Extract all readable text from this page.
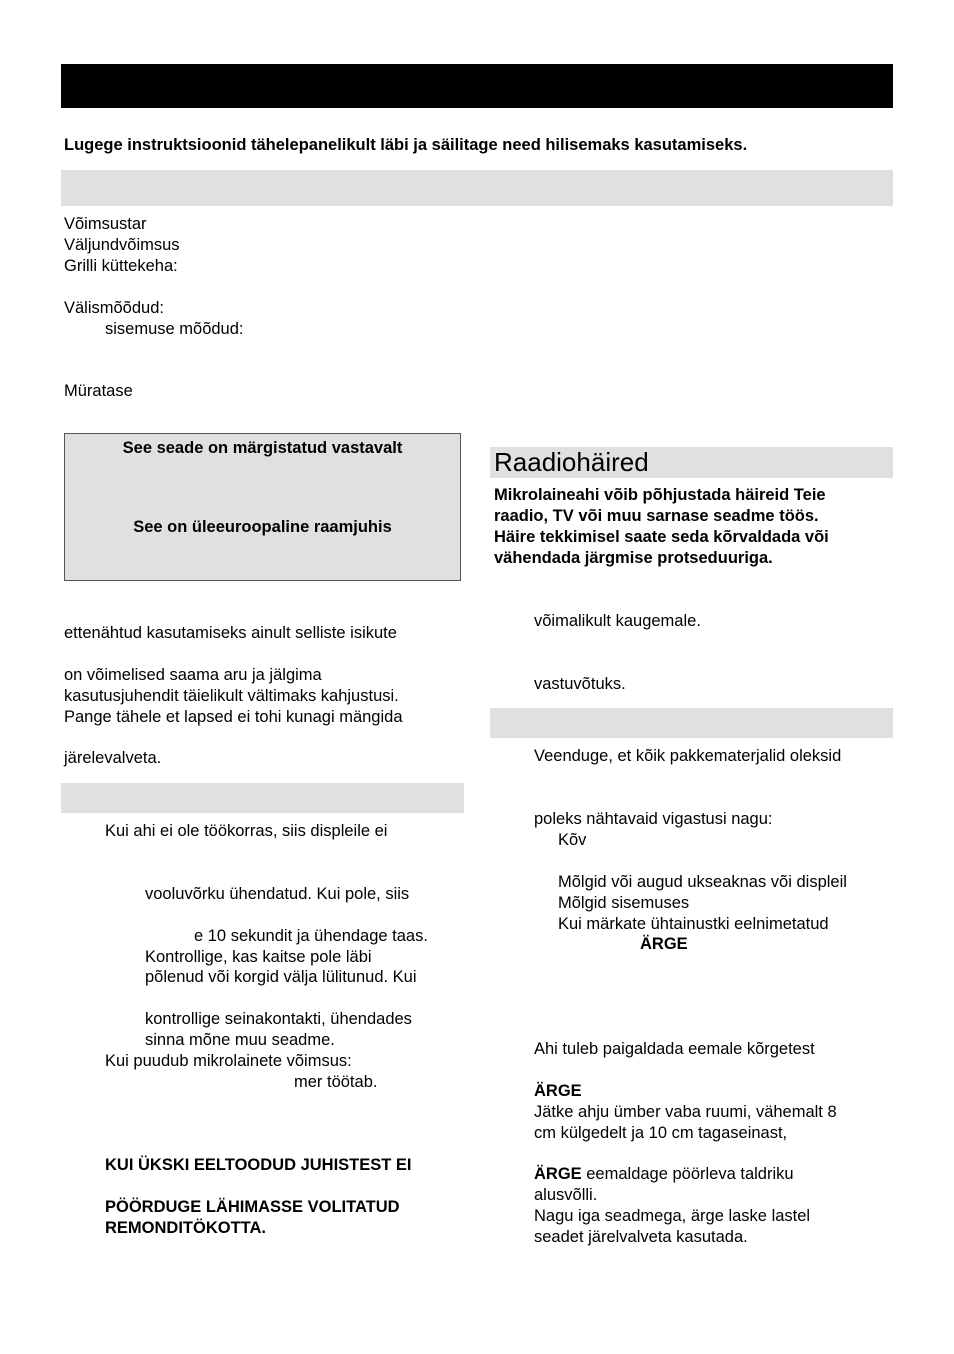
Lugege instruktsioonid tähelepanelikult läbi ja säilitage need hilisemaks kasutamiseks.
Võimsustar
Väljundvõimsus
Grilli küttekeha:
Välismõõdud:
sisemuse mõõdud:
Müratase
See seade on märgistatud vastavalt
See on üleeuroopaline raamjuhis
ettenähtud kasutamiseks ainult selliste isikute
on võimelised saama aru ja jälgima
kasutusjuhendit täielikult vältimaks kahjustusi.
Pange tähele et lapsed ei tohi kunagi mängida
järelevalveta.
Kui ahi ei ole töökorras, siis displeile ei
vooluvõrku ühendatud. Kui pole, siis
e 10 sekundit ja ühendage taas.
Kontrollige, kas kaitse pole läbi
põlenud või korgid välja lülitunud. Kui
kontrollige seinakontakti, ühendades
sinna mõne muu seadme.
Kui puudub mikrolainete võimsus:
mer töötab.
KUI ÜKSKI EELTOODUD JUHISTEST EI
PÖÖRDUGE LÄHIMASSE VOLITATUD
REMONDITÖKOTTA.
Raadiohäired
Mikrolaineahi võib põhjustada häireid Teie
raadio, TV või muu sarnase seadme töös.
Häire tekkimisel saate seda kõrvaldada või
vähendada järgmise protseduuriga.
võimalikult kaugemale.
vastuvõtuks.
Veenduge, et kõik pakkematerjalid oleksid
poleks nähtavaid vigastusi nagu:
Kõv
Mõlgid või augud ukseaknas või displeil
Mõlgid sisemuses
Kui märkate ühtainustki eelnimetatud
ÄRGE
Ahi tuleb paigaldada eemale kõrgetest
ÄRGE
Jätke ahju ümber vaba ruumi, vähemalt 8
cm külgedelt ja 10 cm tagaseinast,
ÄRGE eemaldage pöörleva taldriku
alusvõlli.
Nagu iga seadmega, ärge laske lastel
seadet järelvalveta kasutada.
